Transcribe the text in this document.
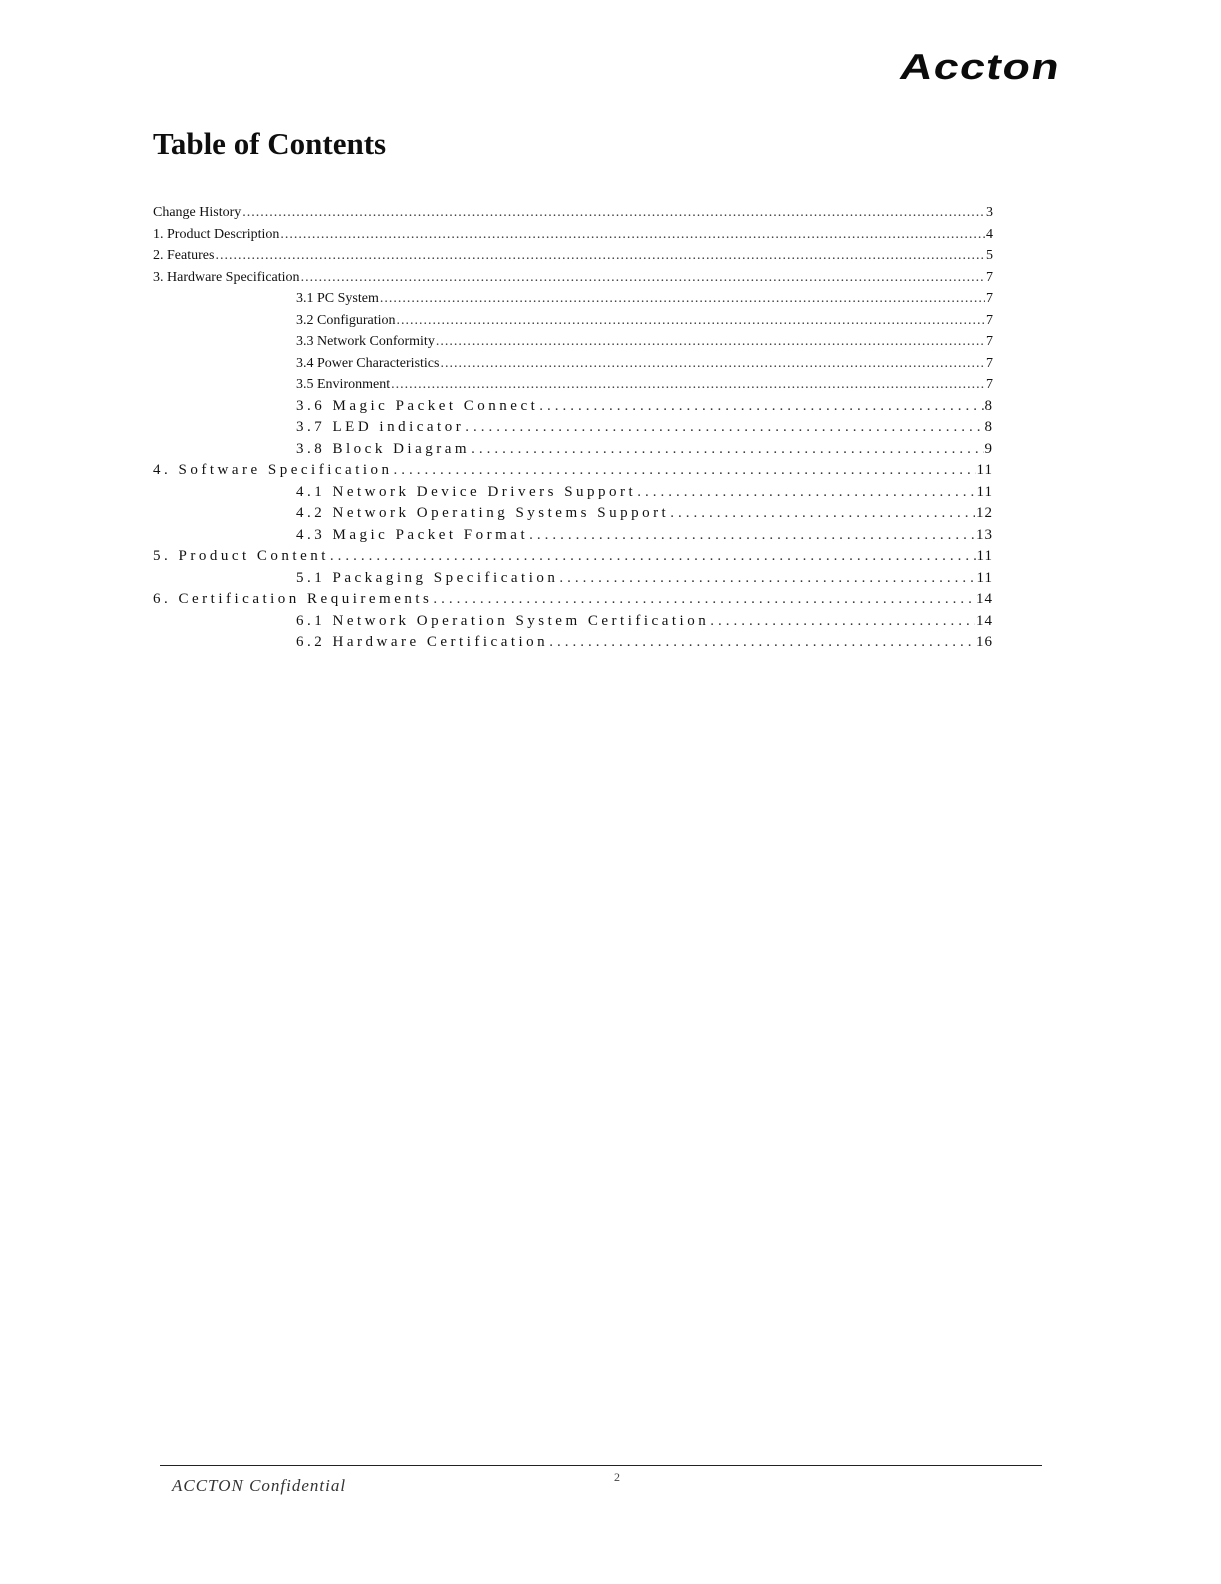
Accton
Table of Contents
Change History .....	3
1. Product Description .....	4
2. Features .....	5
3. Hardware Specification .....	7
3.1 PC System .....	7
3.2 Configuration .....	7
3.3 Network Conformity .....	7
3.4 Power Characteristics .....	7
3.5 Environment .....	7
3.6 Magic Packet Connect .....	8
3.7 LED indicator .....	8
3.8 Block Diagram .....	9
4. Software Specification .....	11
4.1 Network Device Drivers Support .....	11
4.2 Network Operating Systems Support .....	12
4.3 Magic Packet Format .....	13
5. Product Content .....	11
5.1 Packaging Specification .....	11
6. Certification Requirements .....	14
6.1 Network Operation System Certification .....	14
6.2 Hardware Certification .....	16
ACCTON Confidential	2
